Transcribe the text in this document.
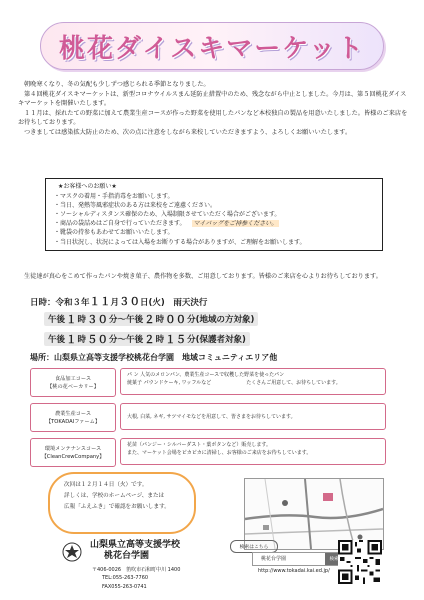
桃花ダイスキマーケット

朝晩寒くなり、冬の気配も少しずつ感じられる季節となりました。

第４回桃花ダイスキマーケットは、新型コロナウイルスまん延防止措置中のため、残念ながら中止としました。今月は、第５回桃花ダイスキマーケットを開催いたします。

１１月は、採れたての野菜に加えて農業生産コースが作った野菜を使用したパンなど本校独自の製品を用意いたしました。皆様のご来店をお待ちしております。

つきましては感染拡大防止のため、次の点に注意をしながら来校していただきますよう、よろしくお願いいたします。

★お客様へのお願い★

・マスクの着用・手指消毒をお願いします。

・当日、発熱等風邪症状のある方は来校をご遠慮ください。

・ソーシャルディスタンス確保のため、入場制限させていただく場合がございます。

・商品の袋詰めはご自身で行っていただきます。 マイバッグをご持参ください。

・靴袋の持参もあわせてお願いいたします。

・当日状況し、状況によっては入場をお断りする場合がありますが、ご理解をお願いします。

生徒達が真心をこめて作ったパンや焼き菓子、農作物を多数、ご用意しております。皆様のご来店を心よりお待ちしております。
日時：令和３年１１月３０日(火)　 雨天決行
午後 １ 時 ３０ 分 ～ 午後 ２ 時 ００ 分 (地域の方対象)
午後 １ 時 ５０ 分 ～ 午後 ２ 時 １５ 分 (保護者対象)
場所：山梨県立高等支援学校桃花台学園　地域コミュニティエリア他
食品加工コース
【桃の花ベーカリー】
パ ン 人気のメロンパン、農業生産コースで収穫した野菜を使ったパン
焼菓子 パウンドケーキ, ワッフルなど　　　　　　　たくさんご用意して、お待ちしています。
農業生産コース
【TOKADAIファーム】
大根, 白菜, ネギ, サツマイモなどを用意して、皆さまをお待ちしています。
環境メンテナンスコース
【CleanCrewCompany】
花苗（パンジー・シルバーダスト・葉ボタンなど）販売します。
また、マーケット会場をピカピカに清掃し、お客様のご来店をお待ちしています。
次回は１２月１４日（火）です。
詳しくは、学校のホームページ、または
広報「ふえふき」で確認をお願いします。
山梨県立高等支援学校
桃花台学園
〒406-0026　笛吹市石和町中川 1400
TEL:055-263-7760
FAX055-263-0741
検索はこちら
桃花台学園	検索
http://www.tokadai.kai.ed.jp/
